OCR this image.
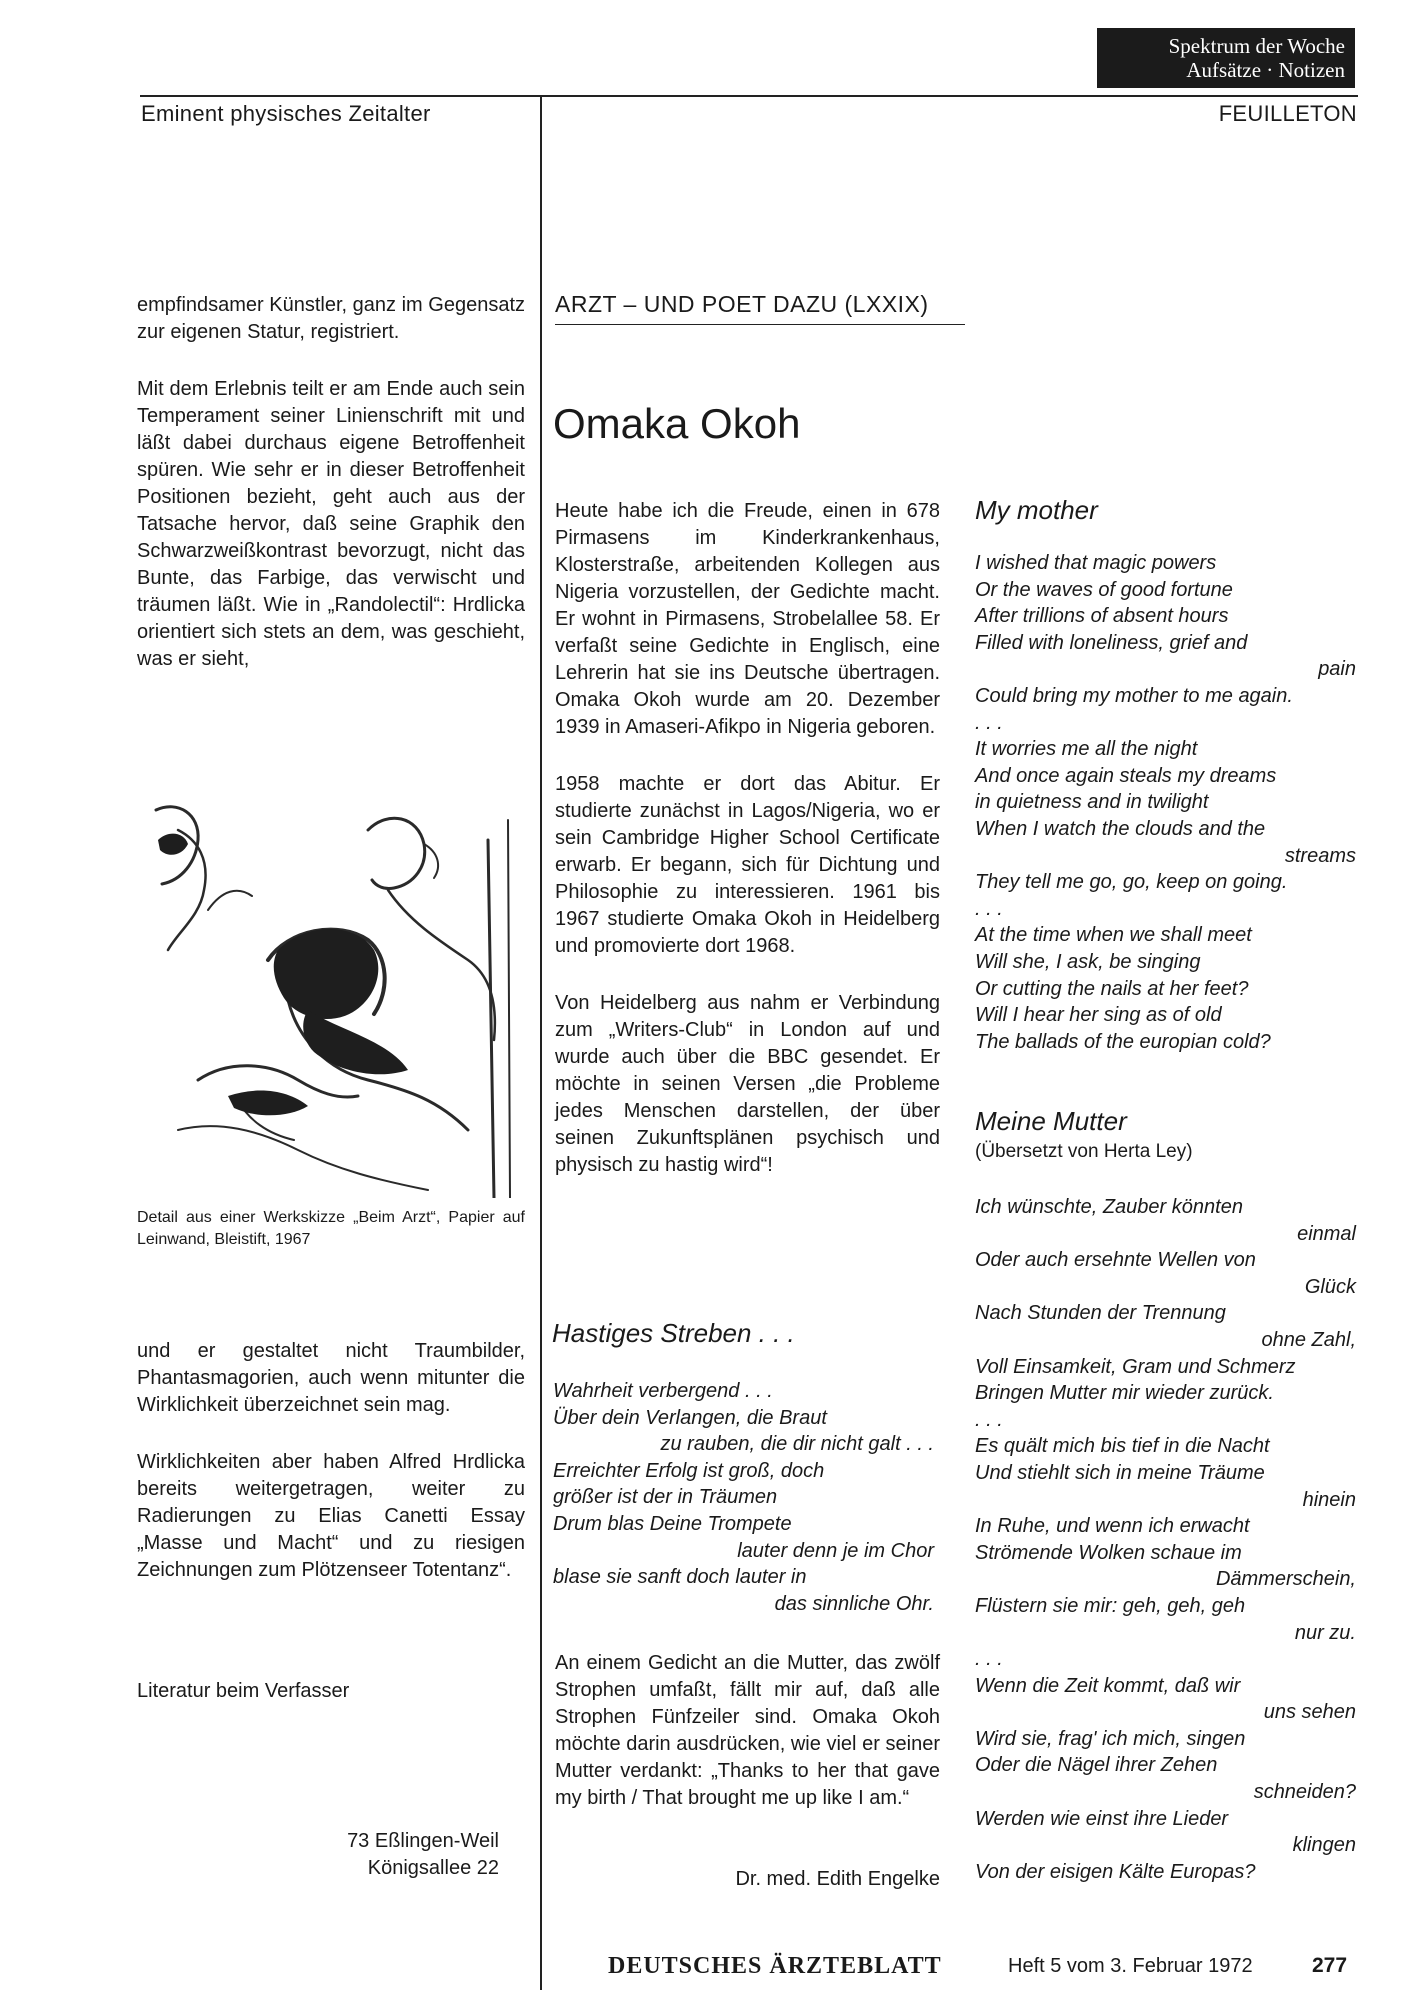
Spektrum der Woche
Aufsätze · Notizen
Eminent physisches Zeitalter	FEUILLETON

empfindsamer Künstler, ganz im Gegensatz zur eigenen Statur, registriert.

Mit dem Erlebnis teilt er am Ende auch sein Temperament seiner Linienschrift mit und läßt dabei durchaus eigene Betroffenheit spüren. Wie sehr er in dieser Betroffenheit Positionen bezieht, geht auch aus der Tatsache hervor, daß seine Graphik den Schwarzweißkontrast bevorzugt, nicht das Bunte, das Farbige, das verwischt und träumen läßt. Wie in „Randolectil“: Hrdlicka orientiert sich stets an dem, was geschieht, was er sieht,

Detail aus einer Werkskizze „Beim Arzt“, Papier auf Leinwand, Bleistift, 1967

und er gestaltet nicht Traumbilder, Phantasmagorien, auch wenn mitunter die Wirklichkeit überzeichnet sein mag.

Wirklichkeiten aber haben Alfred Hrdlicka bereits weitergetragen, weiter zu Radierungen zu Elias Canetti Essay „Masse und Macht“ und zu riesigen Zeichnungen zum Plötzenseer Totentanz“.

Literatur beim Verfasser
73 Eßlingen-Weil
Königsallee 22
ARZT – UND POET DAZU (LXXIX)
Omaka Okoh

Heute habe ich die Freude, einen in 678 Pirmasens im Kinderkrankenhaus, Klosterstraße, arbeitenden Kollegen aus Nigeria vorzustellen, der Gedichte macht. Er wohnt in Pirmasens, Strobelallee 58. Er verfaßt seine Gedichte in Englisch, eine Lehrerin hat sie ins Deutsche übertragen. Omaka Okoh wurde am 20. Dezember 1939 in Amaseri-Afikpo in Nigeria geboren.

1958 machte er dort das Abitur. Er studierte zunächst in Lagos/Nigeria, wo er sein Cambridge Higher School Certificate erwarb. Er begann, sich für Dichtung und Philosophie zu interessieren. 1961 bis 1967 studierte Omaka Okoh in Heidelberg und promovierte dort 1968.

Von Heidelberg aus nahm er Verbindung zum „Writers-Club“ in London auf und wurde auch über die BBC gesendet. Er möchte in seinen Versen „die Probleme jedes Menschen darstellen, der über seinen Zukunftsplänen psychisch und physisch zu hastig wird“!

Hastiges Streben . . .
Wahrheit verbergend . . .
Über dein Verlangen, die Braut
zu rauben, die dir nicht galt . . .
Erreichter Erfolg ist groß, doch
größer ist der in Träumen
Drum blas Deine Trompete
lauter denn je im Chor
blase sie sanft doch lauter in
das sinnliche Ohr.

An einem Gedicht an die Mutter, das zwölf Strophen umfaßt, fällt mir auf, daß alle Strophen Fünfzeiler sind. Omaka Okoh möchte darin ausdrücken, wie viel er seiner Mutter verdankt: „Thanks to her that gave my birth / That brought me up like I am.“

Dr. med. Edith Engelke
My mother
I wished that magic powers
Or the waves of good fortune
After trillions of absent hours
Filled with loneliness, grief and
pain
Could bring my mother to me again.
. . .
It worries me all the night
And once again steals my dreams
in quietness and in twilight
When I watch the clouds and the
streams
They tell me go, go, keep on going.
. . .
At the time when we shall meet
Will she, I ask, be singing
Or cutting the nails at her feet?
Will I hear her sing as of old
The ballads of the europian cold?
Meine Mutter
(Übersetzt von Herta Ley)
Ich wünschte, Zauber könnten
einmal
Oder auch ersehnte Wellen von
Glück
Nach Stunden der Trennung
ohne Zahl,
Voll Einsamkeit, Gram und Schmerz
Bringen Mutter mir wieder zurück.
. . .
Es quält mich bis tief in die Nacht
Und stiehlt sich in meine Träume
hinein
In Ruhe, und wenn ich erwacht
Strömende Wolken schaue im
Dämmerschein,
Flüstern sie mir: geh, geh, geh
nur zu.
. . .
Wenn die Zeit kommt, daß wir
uns sehen
Wird sie, frag' ich mich, singen
Oder die Nägel ihrer Zehen
schneiden?
Werden wie einst ihre Lieder
klingen
Von der eisigen Kälte Europas?
DEUTSCHES ÄRZTEBLATT	Heft 5 vom 3. Februar 1972	277
